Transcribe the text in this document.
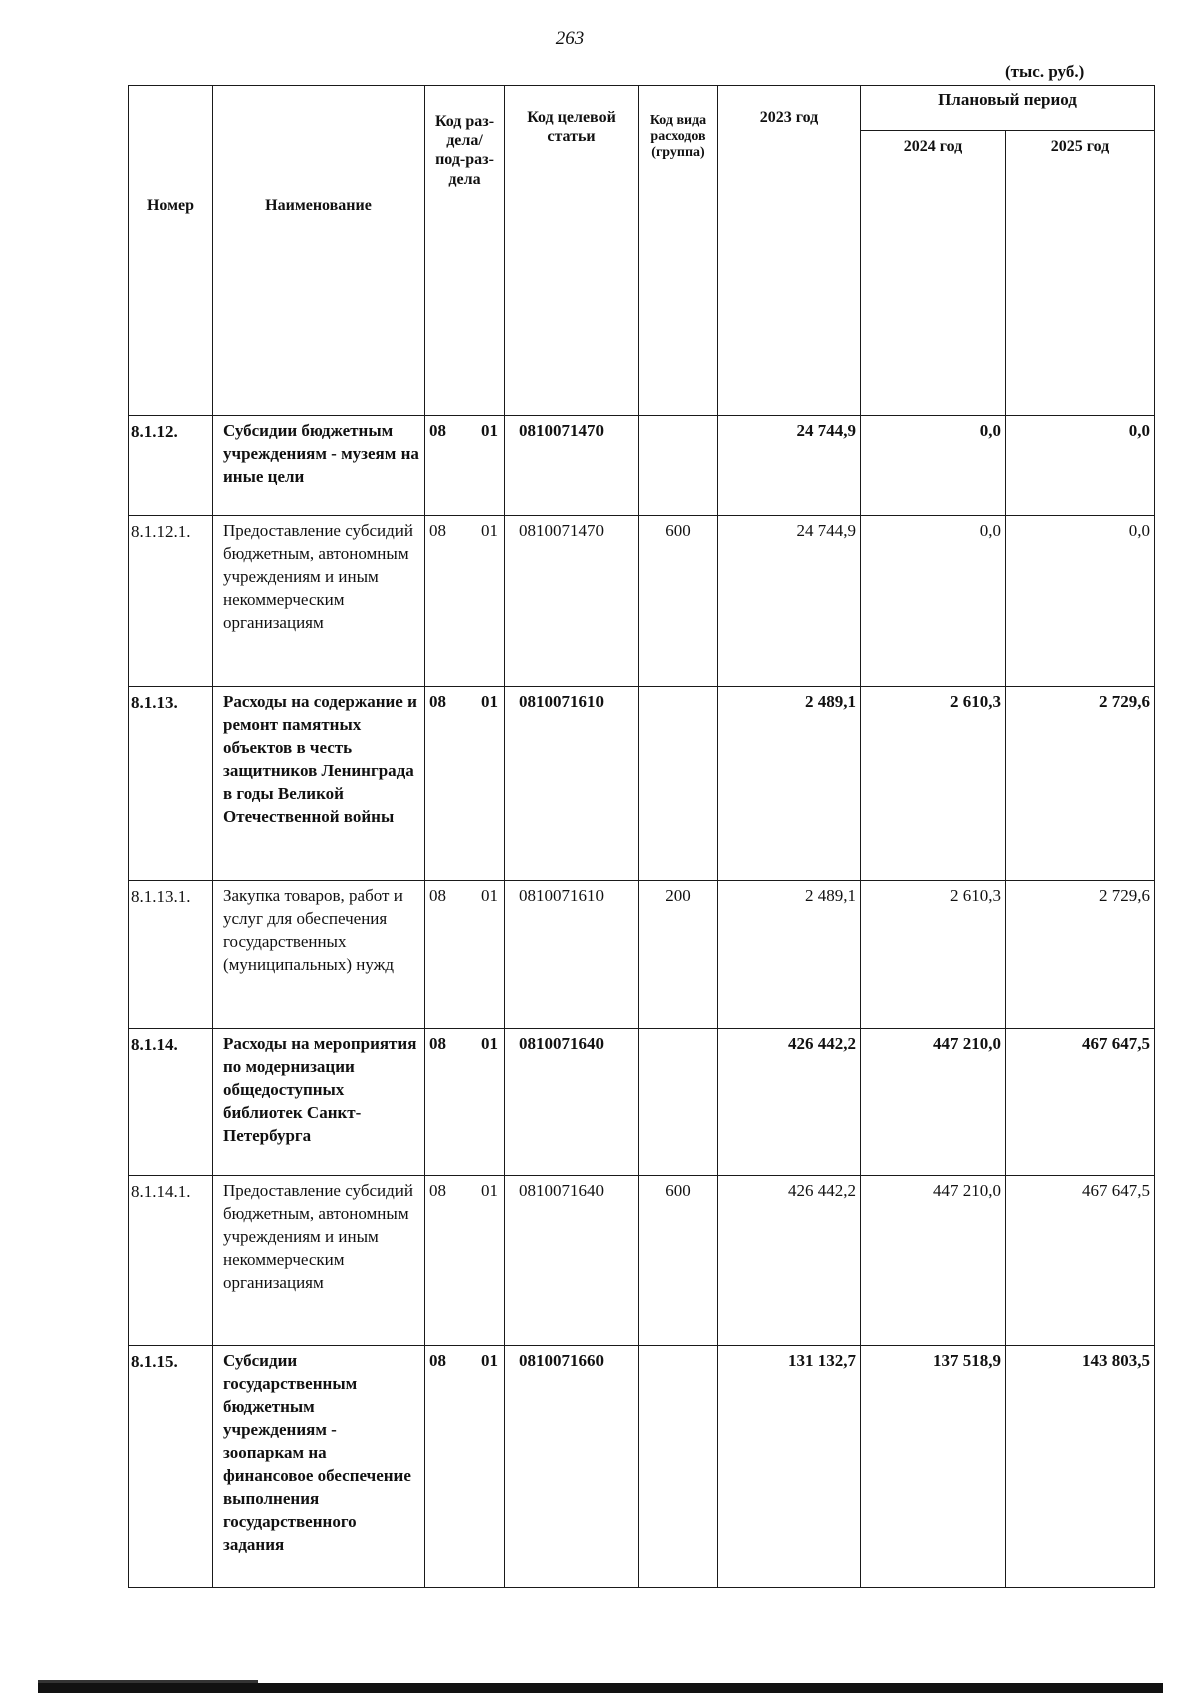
263
(тыс. руб.)
Номер	Наименование	Код раз-дела/ под-раз-дела	Код целевой статьи	Код вида расходов (группа)	2023 год	Плановый период	
						2024 год	2025 год
8.1.12.	Субсидии бюджетным учреждениям - музеям на иные цели	08 01	0810071470		24 744,9	0,0	0,0
8.1.12.1.	Предоставление субсидий бюджетным, автономным учреждениям и иным некоммерческим организациям	08 01	0810071470	600	24 744,9	0,0	0,0
8.1.13.	Расходы на содержание и ремонт памятных объектов в честь защитников Ленинграда в годы Великой Отечественной войны	08 01	0810071610		2 489,1	2 610,3	2 729,6
8.1.13.1.	Закупка товаров, работ и услуг для обеспечения государственных (муниципальных) нужд	08 01	0810071610	200	2 489,1	2 610,3	2 729,6
8.1.14.	Расходы на мероприятия по модернизации общедоступных библиотек Санкт-Петербурга	08 01	0810071640		426 442,2	447 210,0	467 647,5
8.1.14.1.	Предоставление субсидий бюджетным, автономным учреждениям и иным некоммерческим организациям	08 01	0810071640	600	426 442,2	447 210,0	467 647,5
8.1.15.	Субсидии государственным бюджетным учреждениям - зоопаркам на финансовое обеспечение выполнения государственного задания	08 01	0810071660		131 132,7	137 518,9	143 803,5
